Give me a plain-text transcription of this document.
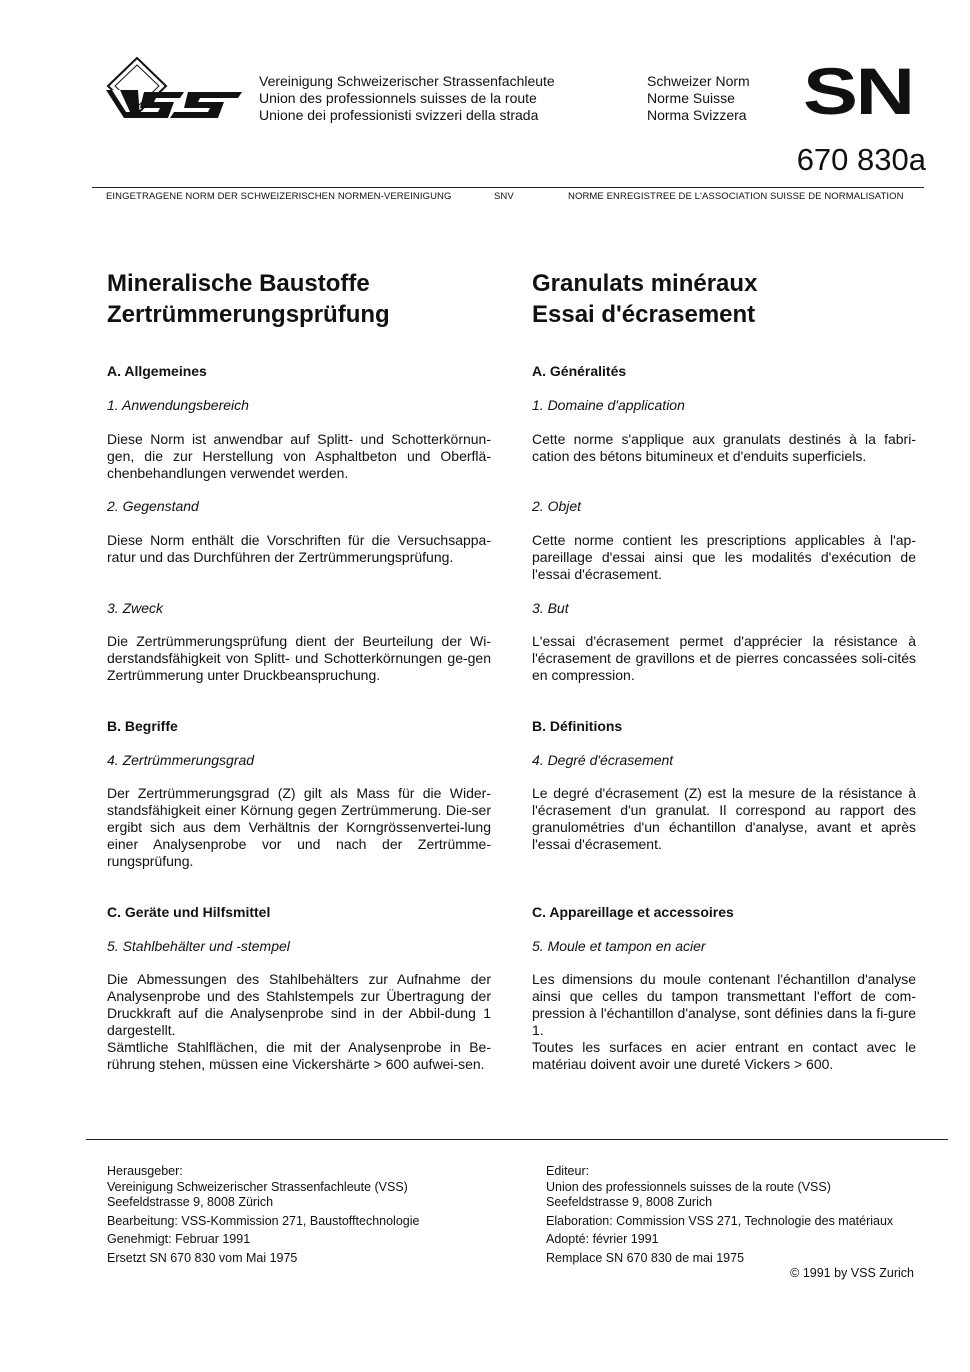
Vereinigung Schweizerischer Strassenfachleute
Union des professionnels suisses de la route
Unione dei professionisti svizzeri della strada
Schweizer Norm
Norme Suisse
Norma Svizzera SN
670 830a
EINGETRAGENE NORM DER SCHWEIZERISCHEN NORMEN-VEREINIGUNG	SNV	NORME ENREGISTREE DE L'ASSOCIATION SUISSE DE NORMALISATION
Mineralische Baustoffe
Zertrümmerungsprüfung
A. Allgemeines
1. Anwendungsbereich

Diese Norm ist anwendbar auf Splitt- und Schotterkörnun-gen, die zur Herstellung von Asphaltbeton und Oberflä-chenbehandlungen verwendet werden.

2. Gegenstand

Diese Norm enthält die Vorschriften für die Versuchsappa-ratur und das Durchführen der Zertrümmerungsprüfung.

3. Zweck

Die Zertrümmerungsprüfung dient der Beurteilung der Wi-derstandsfähigkeit von Splitt- und Schotterkörnungen ge-gen Zertrümmerung unter Druckbeanspruchung.

B. Begriffe
4. Zertrümmerungsgrad

Der Zertrümmerungsgrad (Z) gilt als Mass für die Wider-standsfähigkeit einer Körnung gegen Zertrümmerung. Die-ser ergibt sich aus dem Verhältnis der Korngrössenvertei-lung einer Analysenprobe vor und nach der Zertrümme-rungsprüfung.

C. Geräte und Hilfsmittel
5. Stahlbehälter und -stempel

Die Abmessungen des Stahlbehälters zur Aufnahme der Analysenprobe und des Stahlstempels zur Übertragung der Druckkraft auf die Analysenprobe sind in der Abbil-dung 1 dargestellt.

Sämtliche Stahlflächen, die mit der Analysenprobe in Be-rührung stehen, müssen eine Vickershärte > 600 aufwei-sen.

Granulats minéraux
Essai d'écrasement
A. Généralités
1. Domaine d'application

Cette norme s'applique aux granulats destinés à la fabri-cation des bétons bitumineux et d'enduits superficiels.

2. Objet

Cette norme contient les prescriptions applicables à l'ap-pareillage d'essai ainsi que les modalités d'exécution de l'essai d'écrasement.

3. But

L'essai d'écrasement permet d'apprécier la résistance à l'écrasement de gravillons et de pierres concassées soli-cités en compression.

B. Définitions
4. Degré d'écrasement

Le degré d'écrasement (Z) est la mesure de la résistance à l'écrasement d'un granulat. Il correspond au rapport des granulométries d'un échantillon d'analyse, avant et après l'essai d'écrasement.

C. Appareillage et accessoires
5. Moule et tampon en acier

Les dimensions du moule contenant l'échantillon d'analyse ainsi que celles du tampon transmettant l'effort de com-pression à l'échantillon d'analyse, sont définies dans la fi-gure 1.

Toutes les surfaces en acier entrant en contact avec le matériau doivent avoir une dureté Vickers > 600.

Herausgeber:
Vereinigung Schweizerischer Strassenfachleute (VSS)
Seefeldstrasse 9, 8008 Zürich
Bearbeitung: VSS-Kommission 271, Baustofftechnologie
Genehmigt: Februar 1991
Ersetzt SN 670 830 vom Mai 1975
Editeur:
Union des professionnels suisses de la route (VSS)
Seefeldstrasse 9, 8008 Zurich
Elaboration: Commission VSS 271, Technologie des matériaux
Adopté: février 1991
Remplace SN 670 830 de mai 1975
© 1991 by VSS Zurich
